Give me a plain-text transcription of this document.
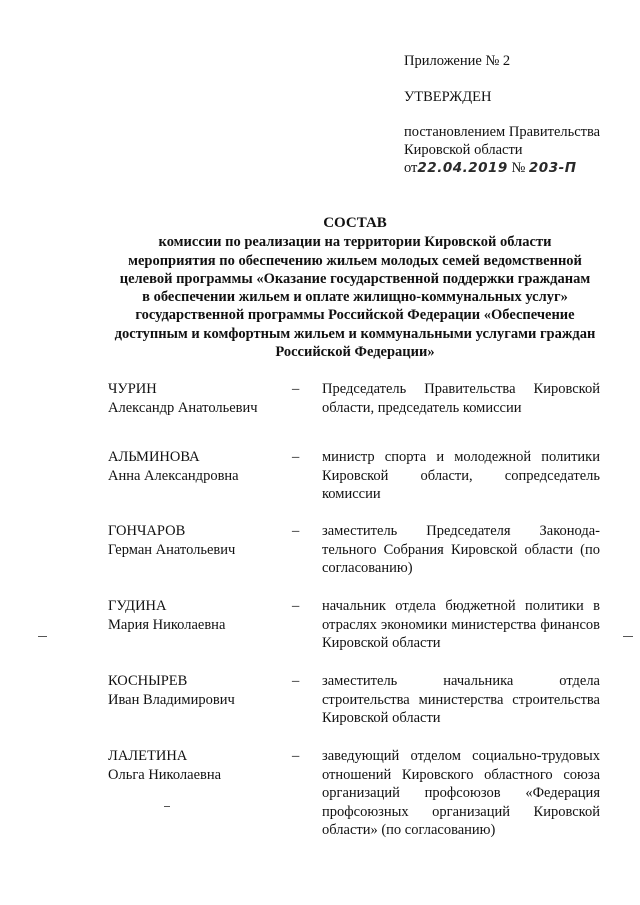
Приложение № 2
УТВЕРЖДЕН
постановлением Правительства
Кировской области
от22.04.2019 № 203-П
СОСТАВ
комиссии по реализации на территории Кировской области
мероприятия по обеспечению жильем молодых семей ведомственной
целевой программы «Оказание государственной поддержки гражданам
в обеспечении жильем и оплате жилищно-коммунальных услуг»
государственной программы Российской Федерации «Обеспечение
доступным и комфортным жильем и коммунальными услугами граждан
Российской Федерации»
ЧУРИН
Александр Анатольевич
–	Председатель Правительства Кировской области, председатель комиссии
АЛЬМИНОВА
Анна Александровна
–	министр спорта и молодежной политики Кировской области, сопредседатель комиссии
ГОНЧАРОВ
Герман Анатольевич
–	заместитель Председателя Законода-тельного Собрания Кировской области (по согласованию)
ГУДИНА
Мария Николаевна
–	начальник отдела бюджетной политики в отраслях экономики министерства финансов Кировской области
КОСНЫРЕВ
Иван Владимирович
–	заместитель начальника отдела строительства министерства строительства Кировской области
ЛАЛЕТИНА
Ольга Николаевна
–	заведующий отделом социально-трудовых отношений Кировского областного союза организаций профсоюзов «Федерация профсоюзных организаций Кировской области» (по согласованию)
